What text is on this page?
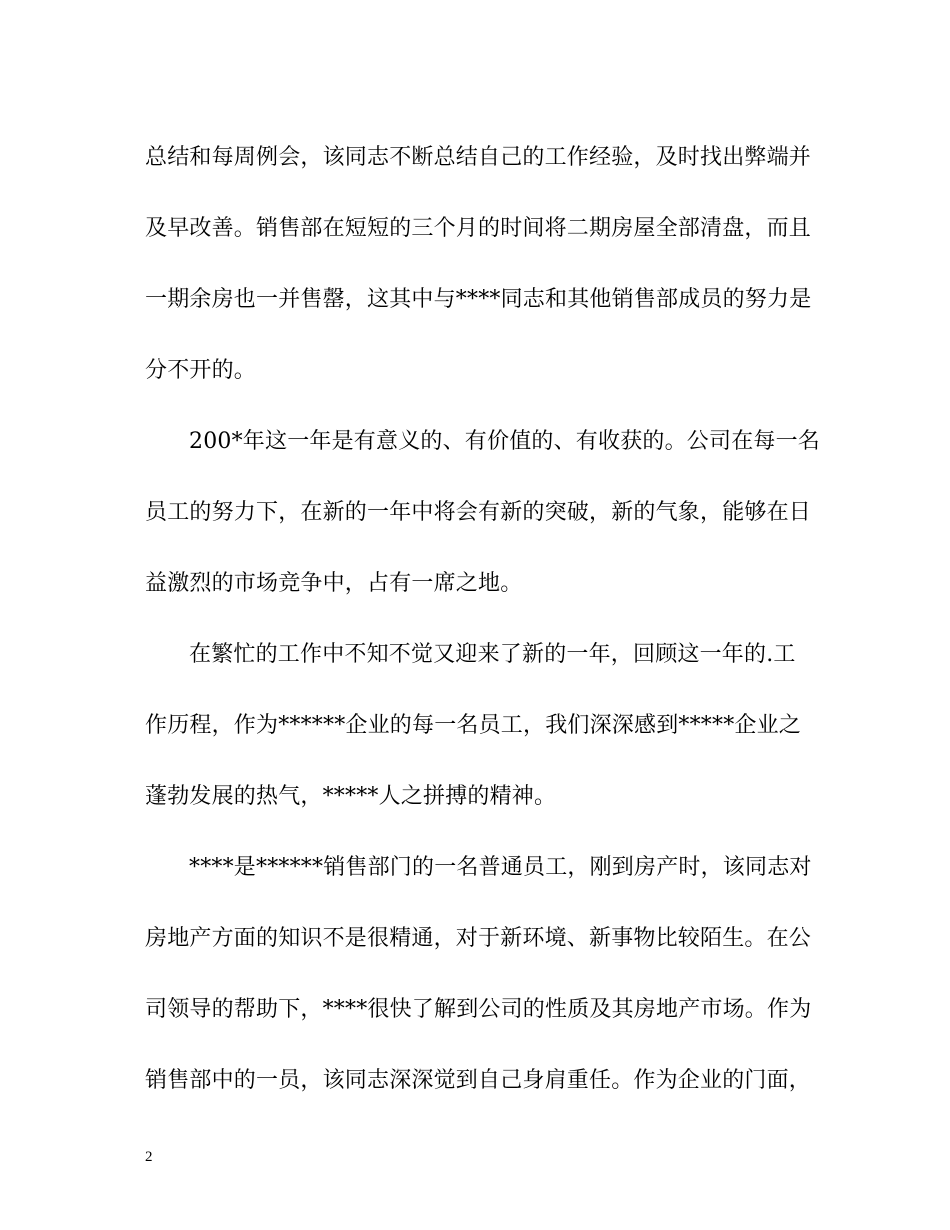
总结和每周例会，该同志不断总结自己的工作经验，及时找出弊端并
及早改善。销售部在短短的三个月的时间将二期房屋全部清盘，而且
一期余房也一并售罄，这其中与****同志和其他销售部成员的努力是
分不开的。
200*年这一年是有意义的、有价值的、有收获的。公司在每一名
员工的努力下，在新的一年中将会有新的突破，新的气象，能够在日
益激烈的市场竞争中，占有一席之地。
在繁忙的工作中不知不觉又迎来了新的一年，回顾这一年的.工
作历程，作为******企业的每一名员工，我们深深感到*****企业之
蓬勃发展的热气，*****人之拼搏的精神。
****是******销售部门的一名普通员工，刚到房产时，该同志对
房地产方面的知识不是很精通，对于新环境、新事物比较陌生。在公
司领导的帮助下，****很快了解到公司的性质及其房地产市场。作为
销售部中的一员，该同志深深觉到自己身肩重任。作为企业的门面，
2
